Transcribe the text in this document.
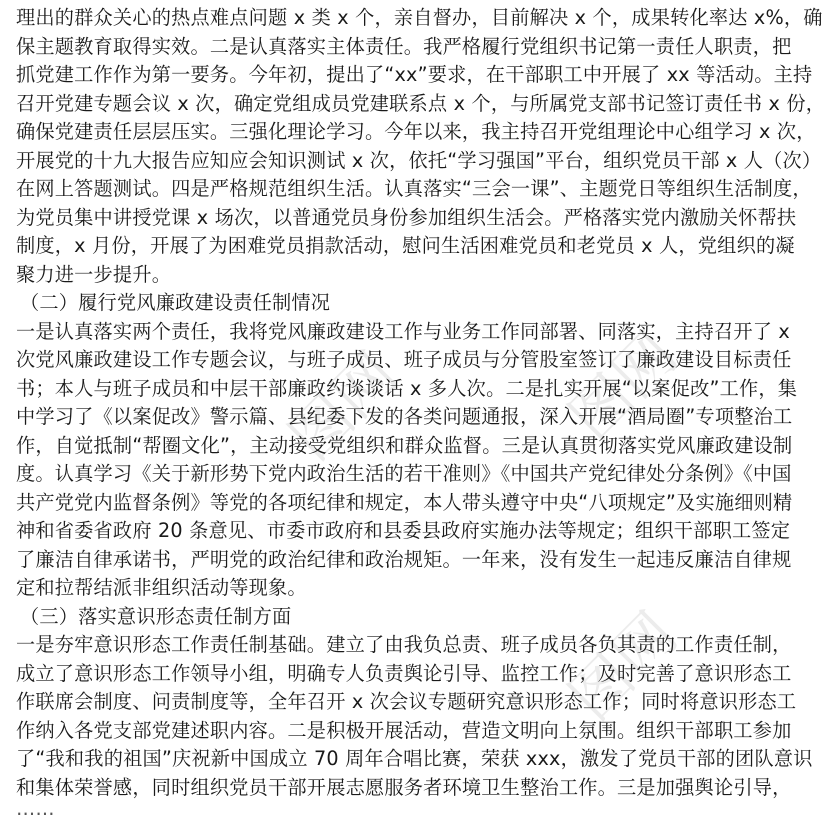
图网
图网
图网
理出的群众关心的热点难点问题 x 类 x 个，亲自督办，目前解决 x 个，成果转化率达 x%，确
保主题教育取得实效。二是认真落实主体责任。我严格履行党组织书记第一责任人职责，把
抓党建工作作为第一要务。今年初，提出了“xx”要求，在干部职工中开展了 xx 等活动。主持
召开党建专题会议 x 次，确定党组成员党建联系点 x 个，与所属党支部书记签订责任书 x 份，
确保党建责任层层压实。三强化理论学习。今年以来，我主持召开党组理论中心组学习 x 次，
开展党的十九大报告应知应会知识测试 x 次，依托“学习强国”平台，组织党员干部 x 人（次）
在网上答题测试。四是严格规范组织生活。认真落实“三会一课”、主题党日等组织生活制度，
为党员集中讲授党课 x 场次，以普通党员身份参加组织生活会。严格落实党内激励关怀帮扶
制度，x 月份，开展了为困难党员捐款活动，慰问生活困难党员和老党员 x 人，党组织的凝
聚力进一步提升。
（二）履行党风廉政建设责任制情况
一是认真落实两个责任，我将党风廉政建设工作与业务工作同部署、同落实，主持召开了 x
次党风廉政建设工作专题会议，与班子成员、班子成员与分管股室签订了廉政建设目标责任
书；本人与班子成员和中层干部廉政约谈谈话 x 多人次。二是扎实开展“以案促改”工作，集
中学习了《以案促改》警示篇、县纪委下发的各类问题通报，深入开展“酒局圈”专项整治工
作，自觉抵制“帮圈文化”，主动接受党组织和群众监督。三是认真贯彻落实党风廉政建设制
度。认真学习《关于新形势下党内政治生活的若干准则》《中国共产党纪律处分条例》《中国
共产党党内监督条例》等党的各项纪律和规定，本人带头遵守中央“八项规定”及实施细则精
神和省委省政府 20 条意见、市委市政府和县委县政府实施办法等规定；组织干部职工签定
了廉洁自律承诺书，严明党的政治纪律和政治规矩。一年来，没有发生一起违反廉洁自律规
定和拉帮结派非组织活动等现象。
（三）落实意识形态责任制方面
一是夯牢意识形态工作责任制基础。建立了由我负总责、班子成员各负其责的工作责任制，
成立了意识形态工作领导小组，明确专人负责舆论引导、监控工作；及时完善了意识形态工
作联席会制度、问责制度等，全年召开 x 次会议专题研究意识形态工作；同时将意识形态工
作纳入各党支部党建述职内容。二是积极开展活动，营造文明向上氛围。组织干部职工参加
了“我和我的祖国”庆祝新中国成立 70 周年合唱比赛，荣获 xxx，激发了党员干部的团队意识
和集体荣誉感，同时组织党员干部开展志愿服务者环境卫生整治工作。三是加强舆论引导，
……
